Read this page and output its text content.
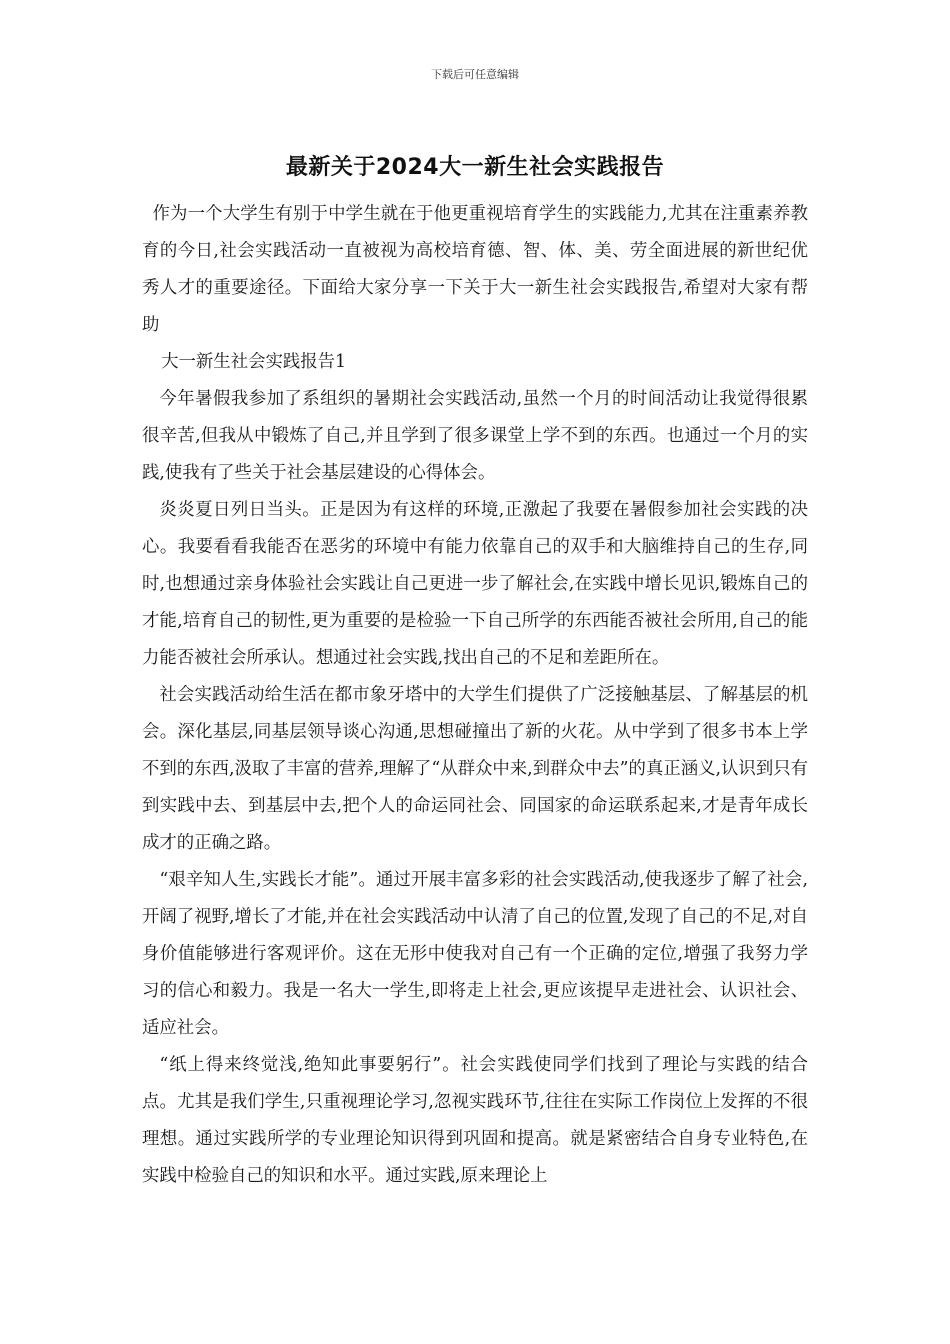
下载后可任意编辑
最新关于2024大一新生社会实践报告

作为一个大学生有别于中学生就在于他更重视培育学生的实践能力,尤其在注重素养教育的今日,社会实践活动一直被视为高校培育德、智、体、美、劳全面进展的新世纪优秀人才的重要途径。下面给大家分享一下关于大一新生社会实践报告,希望对大家有帮助

大一新生社会实践报告1

今年暑假我参加了系组织的暑期社会实践活动,虽然一个月的时间活动让我觉得很累很辛苦,但我从中锻炼了自己,并且学到了很多课堂上学不到的东西。也通过一个月的实践,使我有了些关于社会基层建设的心得体会。

炎炎夏日列日当头。正是因为有这样的环境,正激起了我要在暑假参加社会实践的决心。我要看看我能否在恶劣的环境中有能力依靠自己的双手和大脑维持自己的生存,同时,也想通过亲身体验社会实践让自己更进一步了解社会,在实践中增长见识,锻炼自己的才能,培育自己的韧性,更为重要的是检验一下自己所学的东西能否被社会所用,自己的能力能否被社会所承认。想通过社会实践,找出自己的不足和差距所在。

社会实践活动给生活在都市象牙塔中的大学生们提供了广泛接触基层、了解基层的机会。深化基层,同基层领导谈心沟通,思想碰撞出了新的火花。从中学到了很多书本上学不到的东西,汲取了丰富的营养,理解了“从群众中来,到群众中去”的真正涵义,认识到只有到实践中去、到基层中去,把个人的命运同社会、同国家的命运联系起来,才是青年成长成才的正确之路。

“艰辛知人生,实践长才能”。通过开展丰富多彩的社会实践活动,使我逐步了解了社会,开阔了视野,增长了才能,并在社会实践活动中认清了自己的位置,发现了自己的不足,对自身价值能够进行客观评价。这在无形中使我对自己有一个正确的定位,增强了我努力学习的信心和毅力。我是一名大一学生,即将走上社会,更应该提早走进社会、认识社会、适应社会。

“纸上得来终觉浅,绝知此事要躬行”。社会实践使同学们找到了理论与实践的结合点。尤其是我们学生,只重视理论学习,忽视实践环节,往往在实际工作岗位上发挥的不很理想。通过实践所学的专业理论知识得到巩固和提高。就是紧密结合自身专业特色,在实践中检验自己的知识和水平。通过实践,原来理论上
